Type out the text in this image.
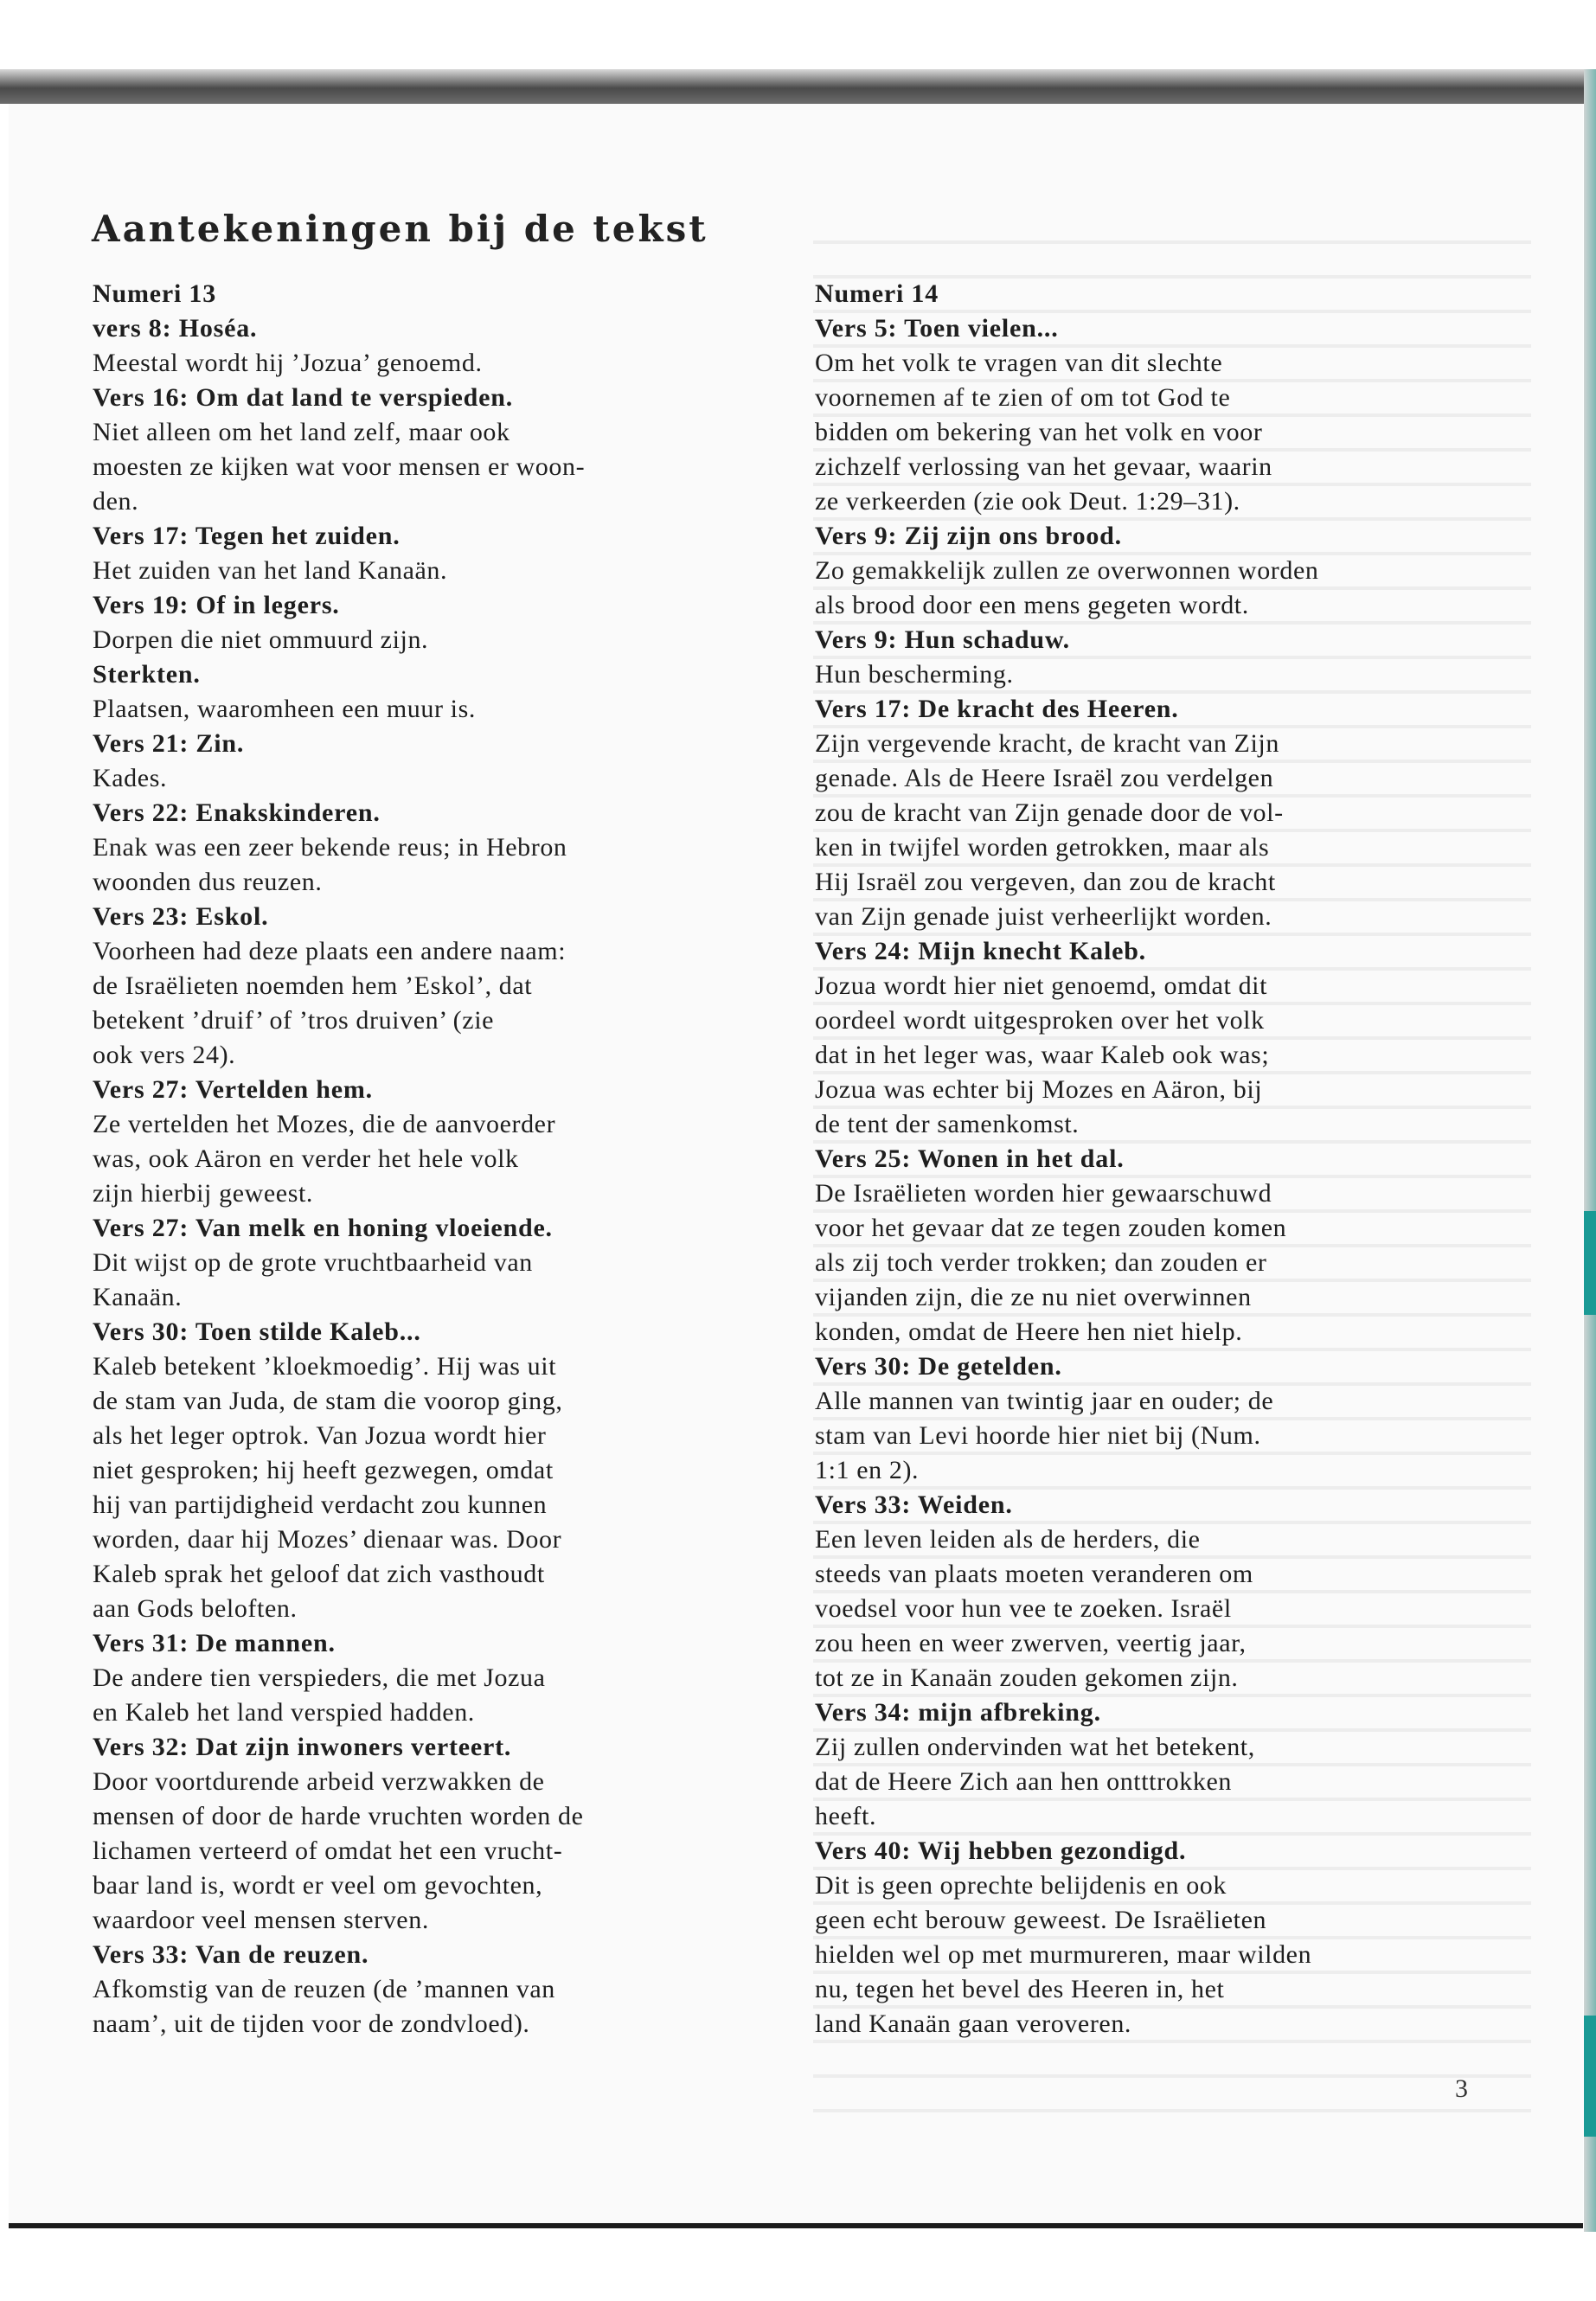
Aantekeningen bij de tekst

Numeri 13

vers 8: Hoséa.

Meestal wordt hij ’Jozua’ genoemd.

Vers 16: Om dat land te verspieden.

Niet alleen om het land zelf, maar ook

moesten ze kijken wat voor mensen er woon-

den.

Vers 17: Tegen het zuiden.

Het zuiden van het land Kanaän.

Vers 19: Of in legers.

Dorpen die niet ommuurd zijn.

Sterkten.

Plaatsen, waaromheen een muur is.

Vers 21: Zin.

Kades.

Vers 22: Enakskinderen.

Enak was een zeer bekende reus; in Hebron

woonden dus reuzen.

Vers 23: Eskol.

Voorheen had deze plaats een andere naam:

de Israëlieten noemden hem ’Eskol’, dat

betekent ’druif’ of ’tros druiven’ (zie

ook vers 24).

Vers 27: Vertelden hem.

Ze vertelden het Mozes, die de aanvoerder

was, ook Aäron en verder het hele volk

zijn hierbij geweest.

Vers 27: Van melk en honing vloeiende.

Dit wijst op de grote vruchtbaarheid van

Kanaän.

Vers 30: Toen stilde Kaleb...

Kaleb betekent ’kloekmoedig’. Hij was uit

de stam van Juda, de stam die voorop ging,

als het leger optrok. Van Jozua wordt hier

niet gesproken; hij heeft gezwegen, omdat

hij van partijdigheid verdacht zou kunnen

worden, daar hij Mozes’ dienaar was. Door

Kaleb sprak het geloof dat zich vasthoudt

aan Gods beloften.

Vers 31: De mannen.

De andere tien verspieders, die met Jozua

en Kaleb het land verspied hadden.

Vers 32: Dat zijn inwoners verteert.

Door voortdurende arbeid verzwakken de

mensen of door de harde vruchten worden de

lichamen verteerd of omdat het een vrucht-

baar land is, wordt er veel om gevochten,

waardoor veel mensen sterven.

Vers 33: Van de reuzen.

Afkomstig van de reuzen (de ’mannen van

naam’, uit de tijden voor de zondvloed).

Numeri 14

Vers 5: Toen vielen...

Om het volk te vragen van dit slechte

voornemen af te zien of om tot God te

bidden om bekering van het volk en voor

zichzelf verlossing van het gevaar, waarin

ze verkeerden (zie ook Deut. 1:29–31).

Vers 9: Zij zijn ons brood.

Zo gemakkelijk zullen ze overwonnen worden

als brood door een mens gegeten wordt.

Vers 9: Hun schaduw.

Hun bescherming.

Vers 17: De kracht des Heeren.

Zijn vergevende kracht, de kracht van Zijn

genade. Als de Heere Israël zou verdelgen

zou de kracht van Zijn genade door de vol-

ken in twijfel worden getrokken, maar als

Hij Israël zou vergeven, dan zou de kracht

van Zijn genade juist verheerlijkt worden.

Vers 24: Mijn knecht Kaleb.

Jozua wordt hier niet genoemd, omdat dit

oordeel wordt uitgesproken over het volk

dat in het leger was, waar Kaleb ook was;

Jozua was echter bij Mozes en Aäron, bij

de tent der samenkomst.

Vers 25: Wonen in het dal.

De Israëlieten worden hier gewaarschuwd

voor het gevaar dat ze tegen zouden komen

als zij toch verder trokken; dan zouden er

vijanden zijn, die ze nu niet overwinnen

konden, omdat de Heere hen niet hielp.

Vers 30: De getelden.

Alle mannen van twintig jaar en ouder; de

stam van Levi hoorde hier niet bij (Num.

1:1 en 2).

Vers 33: Weiden.

Een leven leiden als de herders, die

steeds van plaats moeten veranderen om

voedsel voor hun vee te zoeken. Israël

zou heen en weer zwerven, veertig jaar,

tot ze in Kanaän zouden gekomen zijn.

Vers 34: mijn afbreking.

Zij zullen ondervinden wat het betekent,

dat de Heere Zich aan hen ontttrokken

heeft.

Vers 40: Wij hebben gezondigd.

Dit is geen oprechte belijdenis en ook

geen echt berouw geweest. De Israëlieten

hielden wel op met murmureren, maar wilden

nu, tegen het bevel des Heeren in, het

land Kanaän gaan veroveren.

3
